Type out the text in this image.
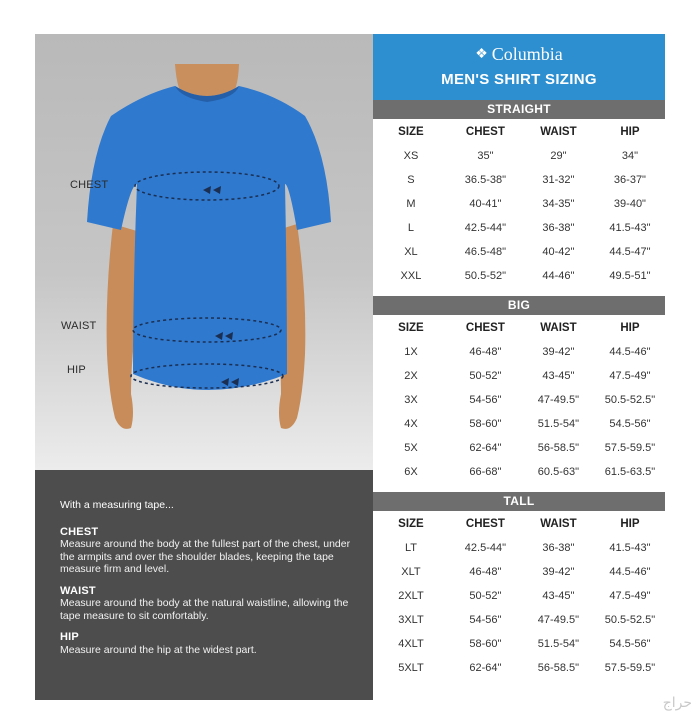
CHEST
WAIST
HIP
With a measuring tape...
CHEST
Measure around the body at the fullest part of the chest, under the armpits and over the shoulder blades, keeping the tape measure firm and level.
WAIST
Measure around the body at the natural waistline, allowing the tape measure to sit comfortably.
HIP
Measure around the hip at the widest part.
❖ Columbia
MEN'S SHIRT SIZING
STRAIGHT
SIZE	CHEST	WAIST	HIP
XS	35"	29"	34"
S	36.5-38"	31-32"	36-37"
M	40-41"	34-35"	39-40"
L	42.5-44"	36-38"	41.5-43"
XL	46.5-48"	40-42"	44.5-47"
XXL	50.5-52"	44-46"	49.5-51"
BIG
SIZE	CHEST	WAIST	HIP
1X	46-48"	39-42"	44.5-46"
2X	50-52"	43-45"	47.5-49"
3X	54-56"	47-49.5"	50.5-52.5"
4X	58-60"	51.5-54"	54.5-56"
5X	62-64"	56-58.5"	57.5-59.5"
6X	66-68"	60.5-63"	61.5-63.5"
TALL
SIZE	CHEST	WAIST	HIP
LT	42.5-44"	36-38"	41.5-43"
XLT	46-48"	39-42"	44.5-46"
2XLT	50-52"	43-45"	47.5-49"
3XLT	54-56"	47-49.5"	50.5-52.5"
4XLT	58-60"	51.5-54"	54.5-56"
5XLT	62-64"	56-58.5"	57.5-59.5"
حراج
